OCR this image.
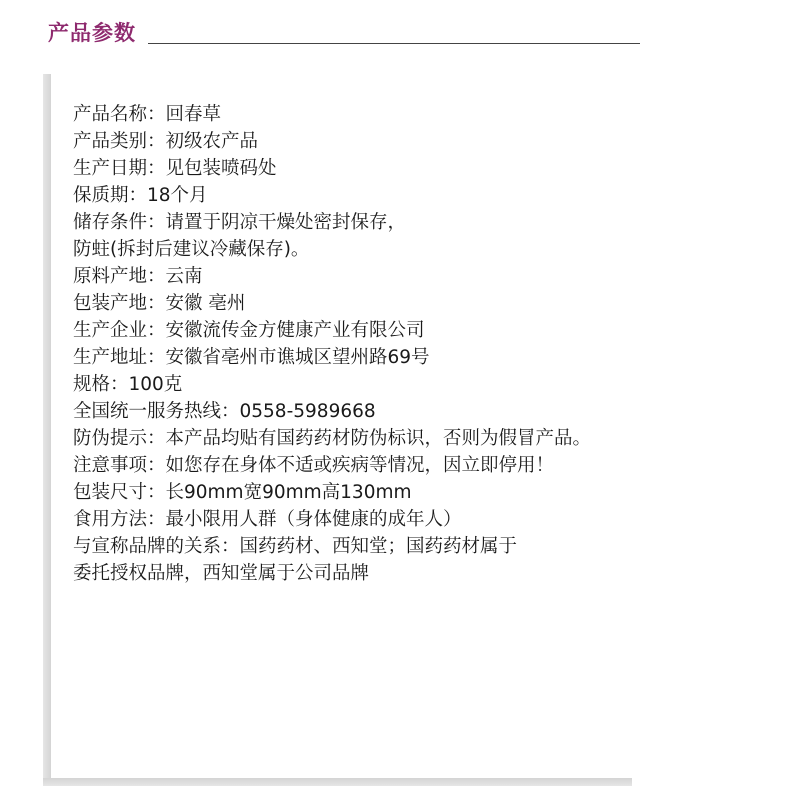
产品参数
产品名称：回春草
产品类别：初级农产品
生产日期：见包装喷码处
保质期：18个月
储存条件：请置于阴凉干燥处密封保存，
防蛀(拆封后建议冷藏保存)。
原料产地：云南
包装产地：安徽 亳州
生产企业：安徽流传金方健康产业有限公司
生产地址：安徽省亳州市谯城区望州路69号
规格：100克
全国统一服务热线：0558-5989668
防伪提示：本产品均贴有国药药材防伪标识，否则为假冒产品。
注意事项：如您存在身体不适或疾病等情况，因立即停用！
包装尺寸：长90mm宽90mm高130mm
食用方法：最小限用人群（身体健康的成年人）
与宣称品牌的关系：国药药材、西知堂；国药药材属于
委托授权品牌，西知堂属于公司品牌
